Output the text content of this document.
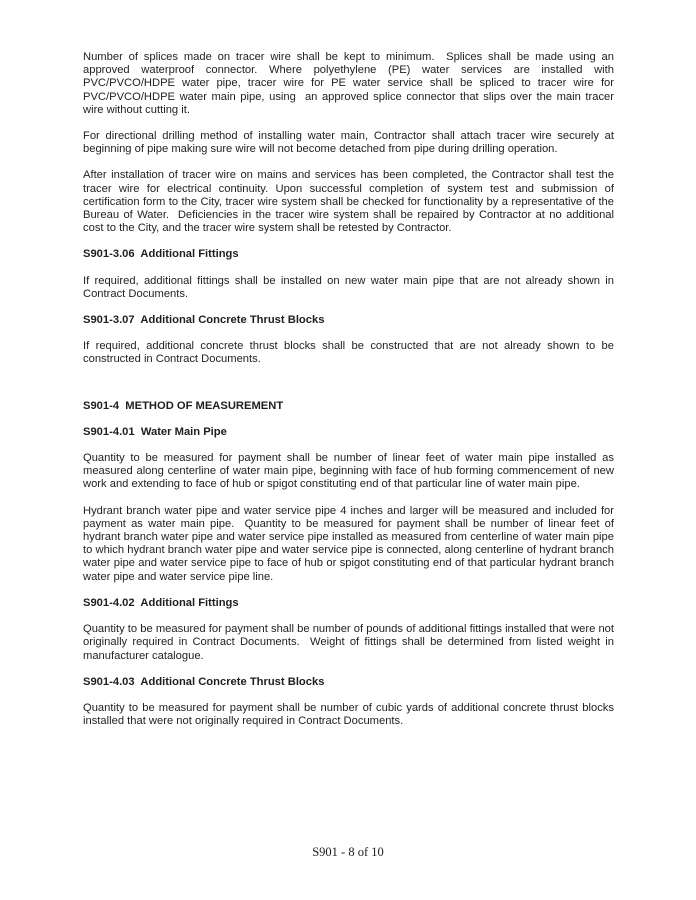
Number of splices made on tracer wire shall be kept to minimum.  Splices shall be made using an approved waterproof connector. Where polyethylene (PE) water services are installed with PVC/PVCO/HDPE water pipe, tracer wire for PE water service shall be spliced to tracer wire for PVC/PVCO/HDPE water main pipe, using  an approved splice connector that slips over the main tracer wire without cutting it.

For directional drilling method of installing water main, Contractor shall attach tracer wire securely at beginning of pipe making sure wire will not become detached from pipe during drilling operation.

After installation of tracer wire on mains and services has been completed, the Contractor shall test the tracer wire for electrical continuity. Upon successful completion of system test and submission of certification form to the City, tracer wire system shall be checked for functionality by a representative of the Bureau of Water.  Deficiencies in the tracer wire system shall be repaired by Contractor at no additional cost to the City, and the tracer wire system shall be retested by Contractor.

S901-3.06  Additional Fittings

If required, additional fittings shall be installed on new water main pipe that are not already shown in Contract Documents.

S901-3.07  Additional Concrete Thrust Blocks

If required, additional concrete thrust blocks shall be constructed that are not already shown to be constructed in Contract Documents.

S901-4  METHOD OF MEASUREMENT

S901-4.01  Water Main Pipe

Quantity to be measured for payment shall be number of linear feet of water main pipe installed as measured along centerline of water main pipe, beginning with face of hub forming commencement of new work and extending to face of hub or spigot constituting end of that particular line of water main pipe.

Hydrant branch water pipe and water service pipe 4 inches and larger will be measured and included for payment as water main pipe.  Quantity to be measured for payment shall be number of linear feet of hydrant branch water pipe and water service pipe installed as measured from centerline of water main pipe to which hydrant branch water pipe and water service pipe is connected, along centerline of hydrant branch water pipe and water service pipe to face of hub or spigot constituting end of that particular hydrant branch water pipe and water service pipe line.

S901-4.02  Additional Fittings

Quantity to be measured for payment shall be number of pounds of additional fittings installed that were not originally required in Contract Documents.  Weight of fittings shall be determined from listed weight in manufacturer catalogue.

S901-4.03  Additional Concrete Thrust Blocks

Quantity to be measured for payment shall be number of cubic yards of additional concrete thrust blocks installed that were not originally required in Contract Documents.

S901 - 8 of 10
